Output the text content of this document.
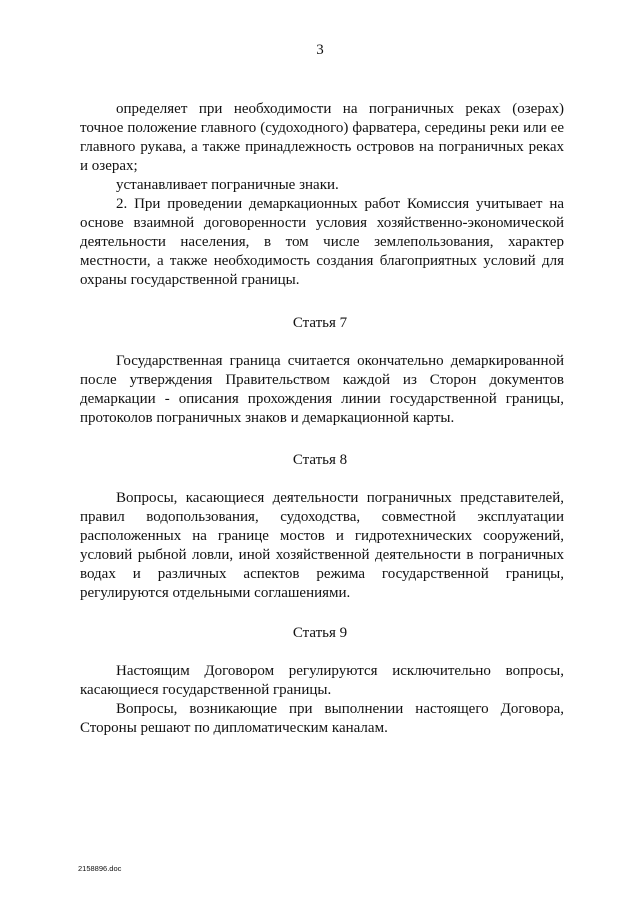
3

определяет при необходимости на пограничных реках (озерах) точное положение главного (судоходного) фарватера, середины реки или ее главного рукава, а также принадлежность островов на пограничных реках и озерах;

устанавливает пограничные знаки.

2. При проведении демаркационных работ Комиссия учитывает на основе взаимной договоренности условия хозяйственно-экономической деятельности населения, в том числе землепользования, характер местности, а также необходимость создания благоприятных условий для охраны государственной границы.

Статья 7

Государственная граница считается окончательно демаркированной после утверждения Правительством каждой из Сторон документов демаркации - описания прохождения линии государственной границы, протоколов пограничных знаков и демаркационной карты.

Статья 8

Вопросы, касающиеся деятельности пограничных представителей, правил водопользования, судоходства, совместной эксплуатации расположенных на границе мостов и гидротехнических сооружений, условий рыбной ловли, иной хозяйственной деятельности в пограничных водах и различных аспектов режима государственной границы, регулируются отдельными соглашениями.

Статья 9

Настоящим Договором регулируются исключительно вопросы, касающиеся государственной границы.

Вопросы, возникающие при выполнении настоящего Договора, Стороны решают по дипломатическим каналам.

2158896.doc
